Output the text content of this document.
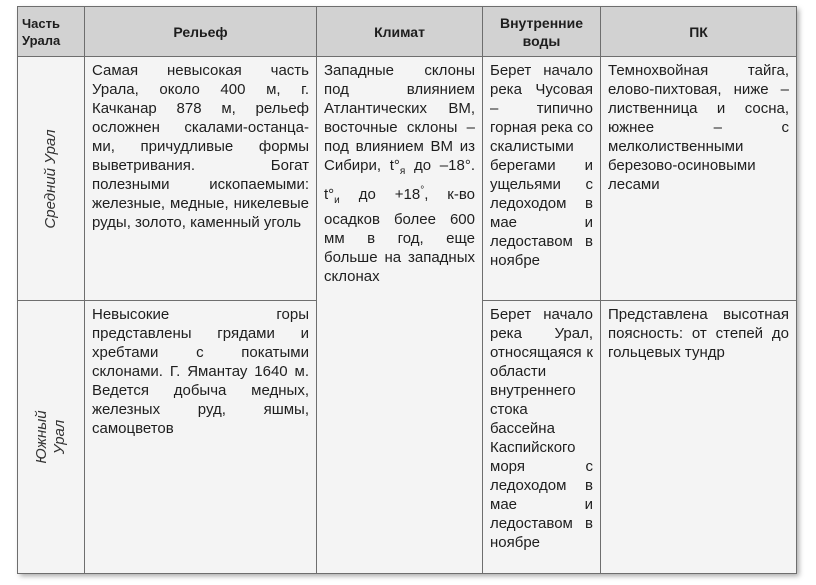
Часть Урала	Рельеф	Климат	Внутренние воды	ПК

Средний Урал	Самая невысокая часть Урала, около 400 м, г. Качканар 878 м, рельеф осложнен скалами-останца-ми, причудливые формы выветривания. Богат полезными ископаемыми: железные, медные, никелевые руды, золото, каменный уголь	Западные склоны под влиянием Атлантических ВМ, восточные склоны – под влиянием ВМ из Сибири, $t^\circ_я$ до –18°. $t^\circ_и$ до +18°, к-во осадков более 600 мм в год, еще больше на западных склонах	Берет начало река Чусовая – типично горная река со скалистыми берегами и ущельями с ледоходом в мае и ледоставом в ноябре	Темнохвойная тайга, елово-пихтовая, ниже – лиственница и сосна, южнее – с мелколиственными березово-осиновыми лесами

Южный Урал	Невысокие горы представлены грядами и хребтами с покатыми склонами. Г. Ямантау 1640 м. Ведется добыча медных, железных руд, яшмы, самоцветов		Берет начало река Урал, относящаяся к области внутреннего стока бассейна Каспийского моря с ледоходом в мае и ледоставом в ноябре	Представлена высотная поясность: от степей до гольцевых тундр
